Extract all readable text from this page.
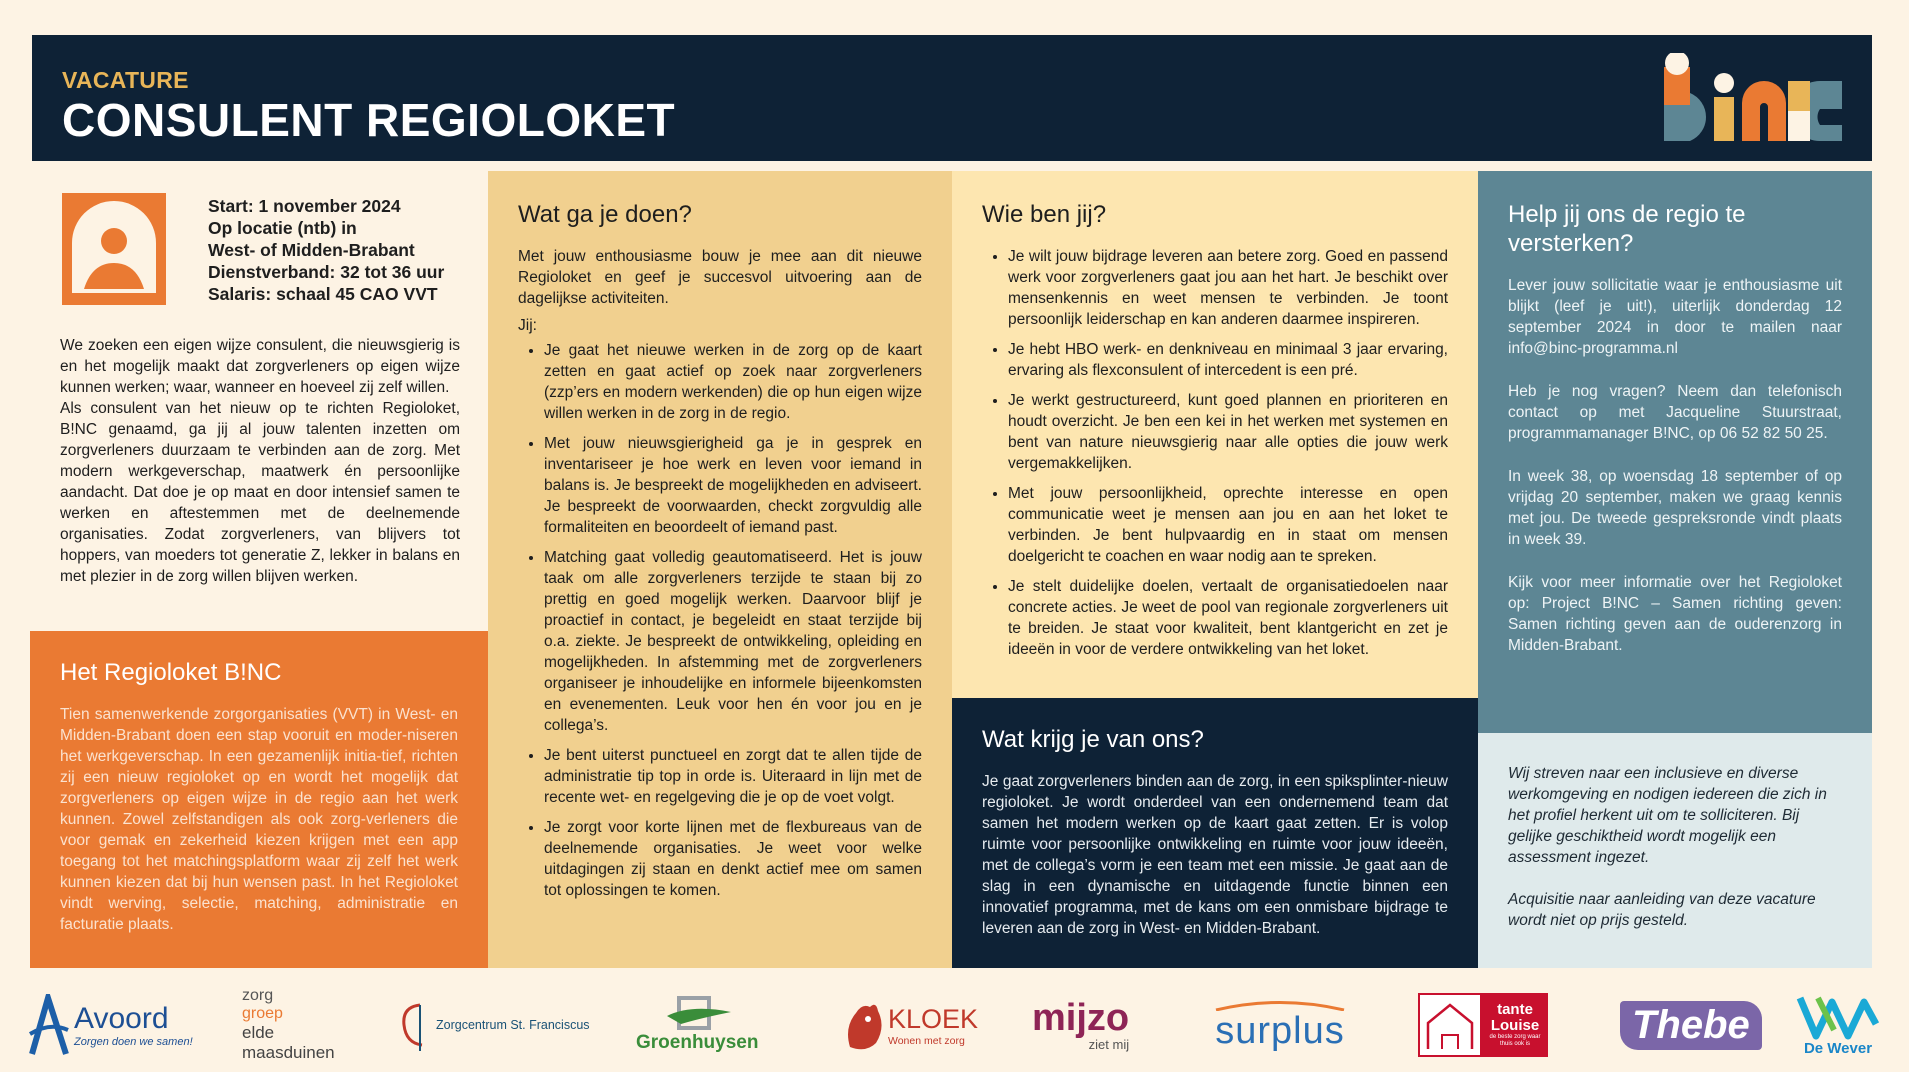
VACATURE
CONSULENT REGIOLOKET
Start: 1 november 2024
Op locatie (ntb) in
West- of Midden-Brabant
Dienstverband: 32 tot 36 uur
Salaris: schaal 45 CAO VVT

We zoeken een eigen wijze consulent, die nieuwsgierig is en het mogelijk maakt dat zorgverleners op eigen wijze kunnen werken; waar, wanneer en hoeveel zij zelf willen.

Als consulent van het nieuw op te richten Regioloket, B!NC genaamd, ga jij al jouw talenten inzetten om zorgverleners duurzaam te verbinden aan de zorg. Met modern werkgeverschap, maatwerk én persoonlijke aandacht. Dat doe je op maat en door intensief samen te werken en aftestemmen met de deelnemende organisaties. Zodat zorgverleners, van blijvers tot hoppers, van moeders tot generatie Z, lekker in balans en met plezier in de zorg willen blijven werken.

Het Regioloket B!NC

Tien samenwerkende zorgorganisaties (VVT) in West- en Midden-Brabant doen een stap vooruit en moder-niseren het werkgeverschap. In een gezamenlijk initia-tief, richten zij een nieuw regioloket op en wordt het mogelijk dat zorgverleners op eigen wijze in de regio aan het werk kunnen. Zowel zelfstandigen als ook zorg-verleners die voor gemak en zekerheid kiezen krijgen met een app toegang tot het matchingsplatform waar zij zelf het werk kunnen kiezen dat bij hun wensen past. In het Regioloket vindt werving, selectie, matching, administratie en facturatie plaats.

Wat ga je doen?

Met jouw enthousiasme bouw je mee aan dit nieuwe Regioloket en geef je succesvol uitvoering aan de dagelijkse activiteiten.

Jij:

• Je gaat het nieuwe werken in de zorg op de kaart zetten en gaat actief op zoek naar zorgverleners (zzp’ers en modern werkenden) die op hun eigen wijze willen werken in de zorg in de regio.
• Met jouw nieuwsgierigheid ga je in gesprek en inventariseer je hoe werk en leven voor iemand in balans is. Je bespreekt de mogelijkheden en adviseert. Je bespreekt de voorwaarden, checkt zorgvuldig alle formaliteiten en beoordeelt of iemand past.
• Matching gaat volledig geautomatiseerd. Het is jouw taak om alle zorgverleners terzijde te staan bij zo prettig en goed mogelijk werken. Daarvoor blijf je proactief in contact, je begeleidt en staat terzijde bij o.a. ziekte. Je bespreekt de ontwikkeling, opleiding en mogelijkheden. In afstemming met de zorgverleners organiseer je inhoudelijke en informele bijeenkomsten en evenementen. Leuk voor hen én voor jou en je collega’s.
• Je bent uiterst punctueel en zorgt dat te allen tijde de administratie tip top in orde is. Uiteraard in lijn met de recente wet- en regelgeving die je op de voet volgt.
• Je zorgt voor korte lijnen met de flexbureaus van de deelnemende organisaties. Je weet voor welke uitdagingen zij staan en denkt actief mee om samen tot oplossingen te komen.
Wie ben jij?
• Je wilt jouw bijdrage leveren aan betere zorg. Goed en passend werk voor zorgverleners gaat jou aan het hart. Je beschikt over mensenkennis en weet mensen te verbinden. Je toont persoonlijk leiderschap en kan anderen daarmee inspireren.
• Je hebt HBO werk- en denkniveau en minimaal 3 jaar ervaring, ervaring als flexconsulent of intercedent is een pré.
• Je werkt gestructureerd, kunt goed plannen en prioriteren en houdt overzicht. Je ben een kei in het werken met systemen en bent van nature nieuwsgierig naar alle opties die jouw werk vergemakkelijken.
• Met jouw persoonlijkheid, oprechte interesse en open communicatie weet je mensen aan jou en aan het loket te verbinden. Je bent hulpvaardig en in staat om mensen doelgericht te coachen en waar nodig aan te spreken.
• Je stelt duidelijke doelen, vertaalt de organisatiedoelen naar concrete acties. Je weet de pool van regionale zorgverleners uit te breiden. Je staat voor kwaliteit, bent klantgericht en zet je ideeën in voor de verdere ontwikkeling van het loket.
Wat krijg je van ons?

Je gaat zorgverleners binden aan de zorg, in een spiksplinter-nieuw regioloket. Je wordt onderdeel van een ondernemend team dat samen het modern werken op de kaart gaat zetten. Er is volop ruimte voor persoonlijke ontwikkeling en ruimte voor jouw ideeën, met de collega’s vorm je een team met een missie. Je gaat aan de slag in een dynamische en uitdagende functie binnen een innovatief programma, met de kans om een onmisbare bijdrage te leveren aan de zorg in West- en Midden-Brabant.

Help jij ons de regio te versterken?

Lever jouw sollicitatie waar je enthousiasme uit blijkt (leef je uit!), uiterlijk donderdag 12 september 2024 in door te mailen naar info@binc-programma.nl

Heb je nog vragen? Neem dan telefonisch contact op met Jacqueline Stuurstraat, programmamanager B!NC, op 06 52 82 50 25.

In week 38, op woensdag 18 september of op vrijdag 20 september, maken we graag kennis met jou. De tweede gespreksronde vindt plaats in week 39.

Kijk voor meer informatie over het Regioloket op: Project B!NC – Samen richting geven: Samen richting geven aan de ouderenzorg in Midden-Brabant.

Wij streven naar een inclusieve en diverse werkomgeving en nodigen iedereen die zich in het profiel herkent uit om te solliciteren. Bij gelijke geschiktheid wordt mogelijk een assessment ingezet.

Acquisitie naar aanleiding van deze vacature wordt niet op prijs gesteld.

Avoord
Zorgen doen we samen!
zorg
groep
elde
maasduinen
Zorgcentrum St. Franciscus
Groenhuysen
KLOEK
Wonen met zorg
mijzo
ziet mij surplus
tante
Louise
de beste zorg waar thuis ook is	Thebe
De Wever
